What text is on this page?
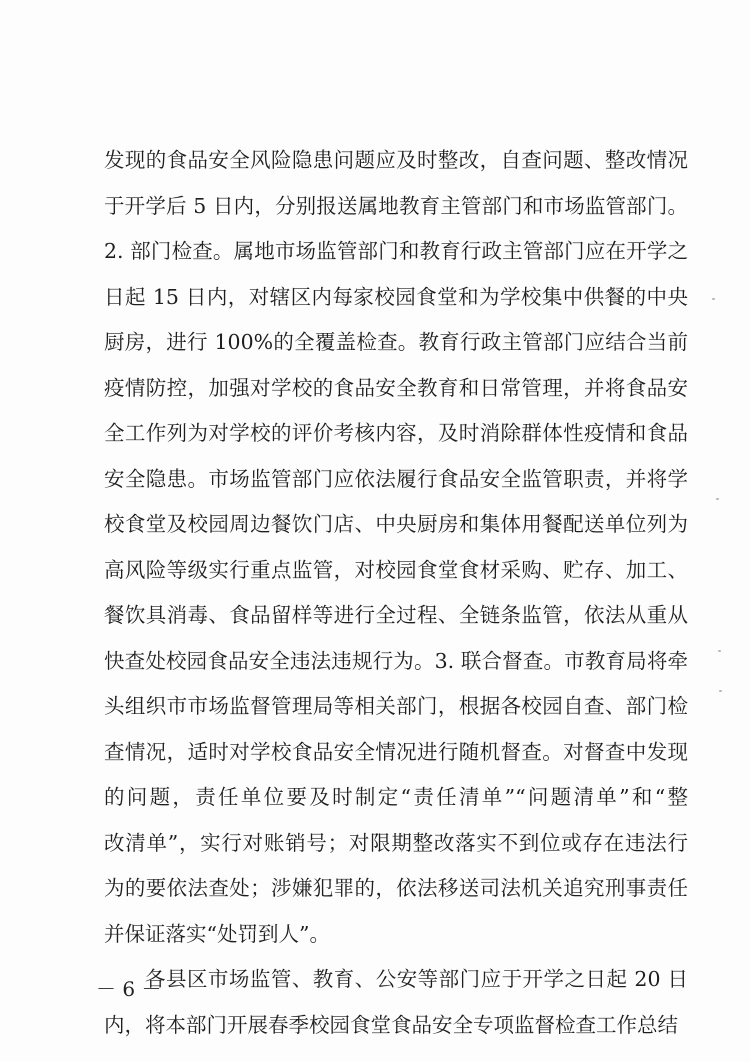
发现的食品安全风险隐患问题应及时整改，自查问题、整改情况
于开学后 5 日内，分别报送属地教育主管部门和市场监管部门。
2. 部门检查。属地市场监管部门和教育行政主管部门应在开学之
日起 15 日内，对辖区内每家校园食堂和为学校集中供餐的中央
厨房，进行 100%的全覆盖检查。教育行政主管部门应结合当前
疫情防控，加强对学校的食品安全教育和日常管理，并将食品安
全工作列为对学校的评价考核内容，及时消除群体性疫情和食品
安全隐患。市场监管部门应依法履行食品安全监管职责，并将学
校食堂及校园周边餐饮门店、中央厨房和集体用餐配送单位列为
高风险等级实行重点监管，对校园食堂食材采购、贮存、加工、
餐饮具消毒、食品留样等进行全过程、全链条监管，依法从重从
快查处校园食品安全违法违规行为。3. 联合督查。市教育局将牵
头组织市市场监督管理局等相关部门，根据各校园自查、部门检
查情况，适时对学校食品安全情况进行随机督查。对督查中发现
的问题，责任单位要及时制定“责任清单”“问题清单”和“整
改清单”，实行对账销号；对限期整改落实不到位或存在违法行
为的要依法查处；涉嫌犯罪的，依法移送司法机关追究刑事责任
并保证落实“处罚到人”。
各县区市场监管、教育、公安等部门应于开学之日起 20 日
内，将本部门开展春季校园食堂食品安全专项监督检查工作总结
－ 6 －
